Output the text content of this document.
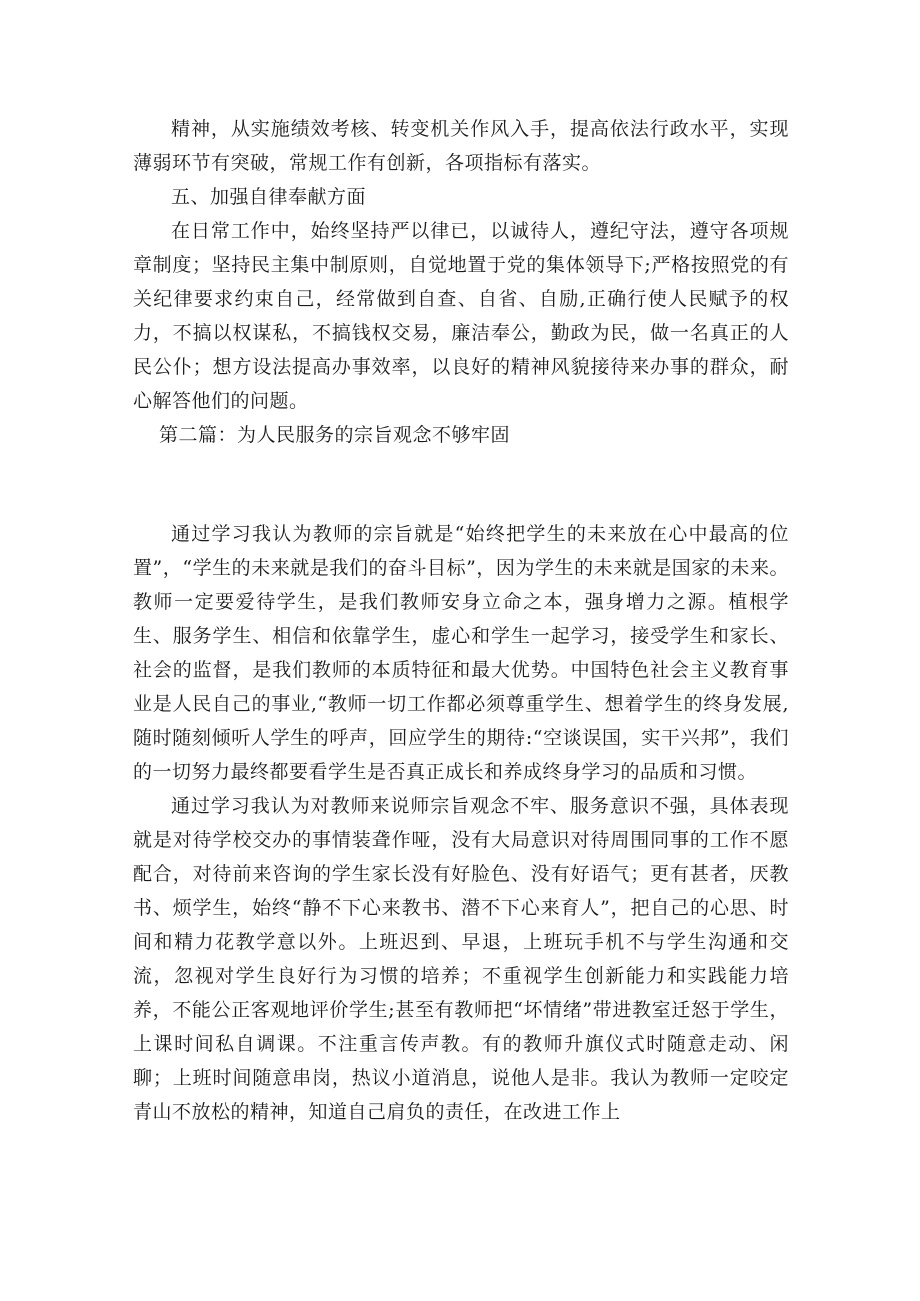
精神，从实施绩效考核、转变机关作风入手，提高依法行政水平，实现薄弱环节有突破，常规工作有创新，各项指标有落实。

五、加强自律奉献方面

在日常工作中，始终坚持严以律已，以诚待人，遵纪守法，遵守各项规章制度；坚持民主集中制原则，自觉地置于党的集体领导下;严格按照党的有关纪律要求约束自己，经常做到自查、自省、自励,正确行使人民赋予的权力，不搞以权谋私，不搞钱权交易，廉洁奉公，勤政为民，做一名真正的人民公仆；想方设法提高办事效率，以良好的精神风貌接待来办事的群众，耐心解答他们的问题。

第二篇：为人民服务的宗旨观念不够牢固

通过学习我认为教师的宗旨就是“始终把学生的未来放在心中最高的位置”，“学生的未来就是我们的奋斗目标”，因为学生的未来就是国家的未来。教师一定要爱待学生，是我们教师安身立命之本，强身增力之源。植根学生、服务学生、相信和依靠学生，虚心和学生一起学习，接受学生和家长、社会的监督，是我们教师的本质特征和最大优势。中国特色社会主义教育事业是人民自己的事业,“教师一切工作都必须尊重学生、想着学生的终身发展,随时随刻倾听人学生的呼声，回应学生的期待:“空谈误国，实干兴邦”，我们的一切努力最终都要看学生是否真正成长和养成终身学习的品质和习惯。

通过学习我认为对教师来说师宗旨观念不牢、服务意识不强，具体表现就是对待学校交办的事情装聋作哑，没有大局意识对待周围同事的工作不愿配合，对待前来咨询的学生家长没有好脸色、没有好语气；更有甚者，厌教书、烦学生，始终“静不下心来教书、潜不下心来育人”，把自己的心思、时间和精力花教学意以外。上班迟到、早退，上班玩手机不与学生沟通和交流，忽视对学生良好行为习惯的培养；不重视学生创新能力和实践能力培养，不能公正客观地评价学生;甚至有教师把“坏情绪”带进教室迁怒于学生，上课时间私自调课。不注重言传声教。有的教师升旗仪式时随意走动、闲聊；上班时间随意串岗，热议小道消息，说他人是非。我认为教师一定咬定青山不放松的精神，知道自己肩负的责任，在改进工作上
